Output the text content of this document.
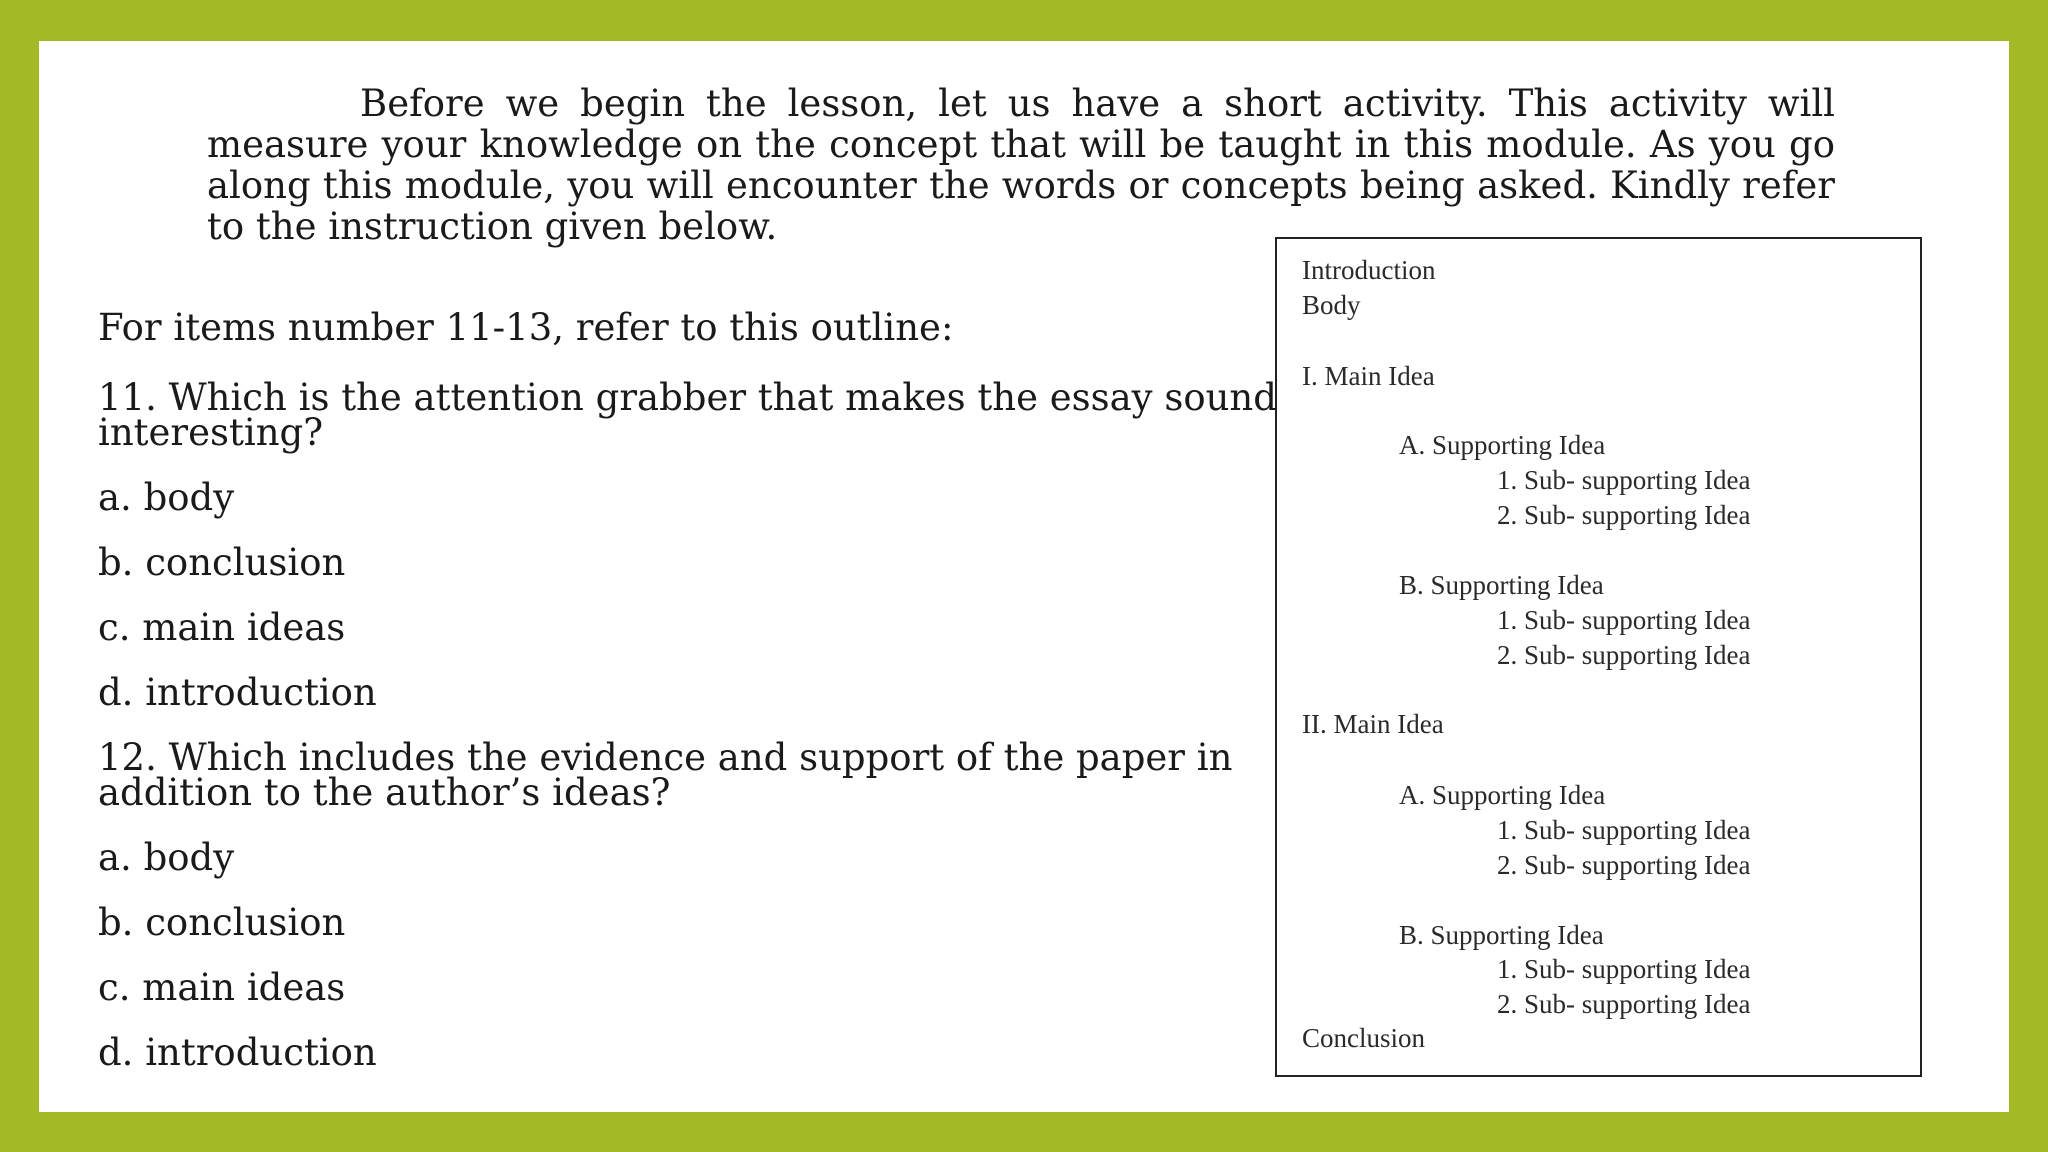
Before we begin the lesson, let us have a short activity. This activity will measure your knowledge on the concept that will be taught in this module. As you go along this module, you will encounter the words or concepts being asked. Kindly refer to the instruction given below.

For items number 11-13, refer to this outline:

11. Which is the attention grabber that makes the essay sound interesting?

a. body

b. conclusion

c. main ideas

d. introduction

12. Which includes the evidence and support of the paper in addition to the author’s ideas?

a. body

b. conclusion

c. main ideas

d. introduction

Introduction
Body
I. Main Idea
A. Supporting Idea
1. Sub- supporting Idea
2. Sub- supporting Idea
B. Supporting Idea
1. Sub- supporting Idea
2. Sub- supporting Idea
II. Main Idea
A. Supporting Idea
1. Sub- supporting Idea
2. Sub- supporting Idea
B. Supporting Idea
1. Sub- supporting Idea
2. Sub- supporting Idea
Conclusion
